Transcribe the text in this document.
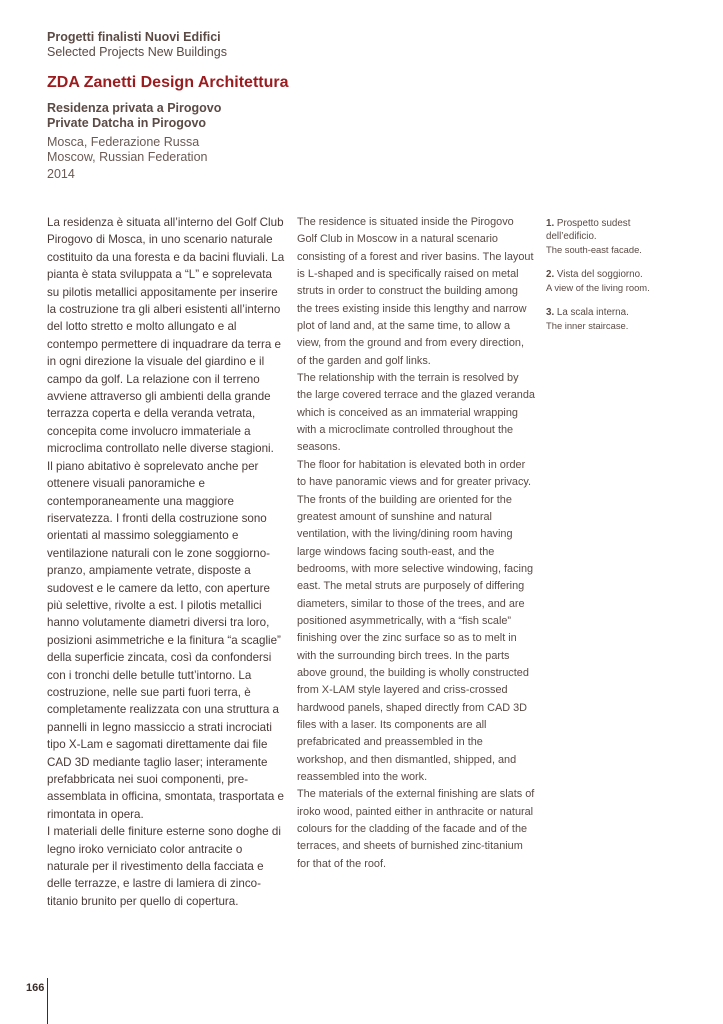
Progetti finalisti Nuovi Edifici
Selected Projects New Buildings
ZDA Zanetti Design Architettura
Residenza privata a Pirogovo
Private Datcha in Pirogovo
Mosca, Federazione Russa
Moscow, Russian Federation
2014

La residenza è situata all’interno del Golf Club Pirogovo di Mosca, in uno scenario naturale costituito da una foresta e da bacini fluviali. La pianta è stata sviluppata a “L” e soprelevata su pilotis metallici appositamente per inserire la costruzione tra gli alberi esistenti all’interno del lotto stretto e molto allungato e al contempo permettere di inquadrare da terra e in ogni direzione la visuale del giardino e il campo da golf. La relazione con il terreno avviene attraverso gli ambienti della grande terrazza coperta e della veranda vetrata, concepita come involucro immateriale a microclima controllato nelle diverse stagioni.

Il piano abitativo è soprelevato anche per ottenere visuali panoramiche e contemporaneamente una maggiore riservatezza. I fronti della costruzione sono orientati al massimo soleggiamento e ventilazione naturali con le zone soggiorno-pranzo, ampiamente vetrate, disposte a sudovest e le camere da letto, con aperture più selettive, rivolte a est. I pilotis metallici hanno volutamente diametri diversi tra loro, posizioni asimmetriche e la finitura “a scaglie” della superficie zincata, così da confondersi con i tronchi delle betulle tutt’intorno. La costruzione, nelle sue parti fuori terra, è completamente realizzata con una struttura a pannelli in legno massiccio a strati incrociati tipo X-Lam e sagomati direttamente dai file CAD 3D mediante taglio laser; interamente prefabbricata nei suoi componenti, pre-assemblata in officina, smontata, trasportata e rimontata in opera.

I materiali delle finiture esterne sono doghe di legno iroko verniciato color antracite o naturale per il rivestimento della facciata e delle terrazze, e lastre di lamiera di zinco-titanio brunito per quello di copertura.

The residence is situated inside the Pirogovo Golf Club in Moscow in a natural scenario consisting of a forest and river basins. The layout is L-shaped and is specifically raised on metal struts in order to construct the building among the trees existing inside this lengthy and narrow plot of land and, at the same time, to allow a view, from the ground and from every direction, of the garden and golf links.

The relationship with the terrain is resolved by the large covered terrace and the glazed veranda which is conceived as an immaterial wrapping with a microclimate controlled throughout the seasons.

The floor for habitation is elevated both in order to have panoramic views and for greater privacy. The fronts of the building are oriented for the greatest amount of sunshine and natural ventilation, with the living/dining room having large windows facing south-east, and the bedrooms, with more selective windowing, facing east. The metal struts are purposely of differing diameters, similar to those of the trees, and are positioned asymmetrically, with a “fish scale” finishing over the zinc surface so as to melt in with the surrounding birch trees. In the parts above ground, the building is wholly constructed from X-LAM style layered and criss-crossed hardwood panels, shaped directly from CAD 3D files with a laser. Its components are all prefabricated and preassembled in the workshop, and then dismantled, shipped, and reassembled into the work.

The materials of the external finishing are slats of iroko wood, painted either in anthracite or natural colours for the cladding of the facade and of the terraces, and sheets of burnished zinc-titanium for that of the roof.

1. Prospetto sudest dell’edificio.
The south-east facade.
2. Vista del soggiorno.
A view of the living room.
3. La scala interna.
The inner staircase.
166
